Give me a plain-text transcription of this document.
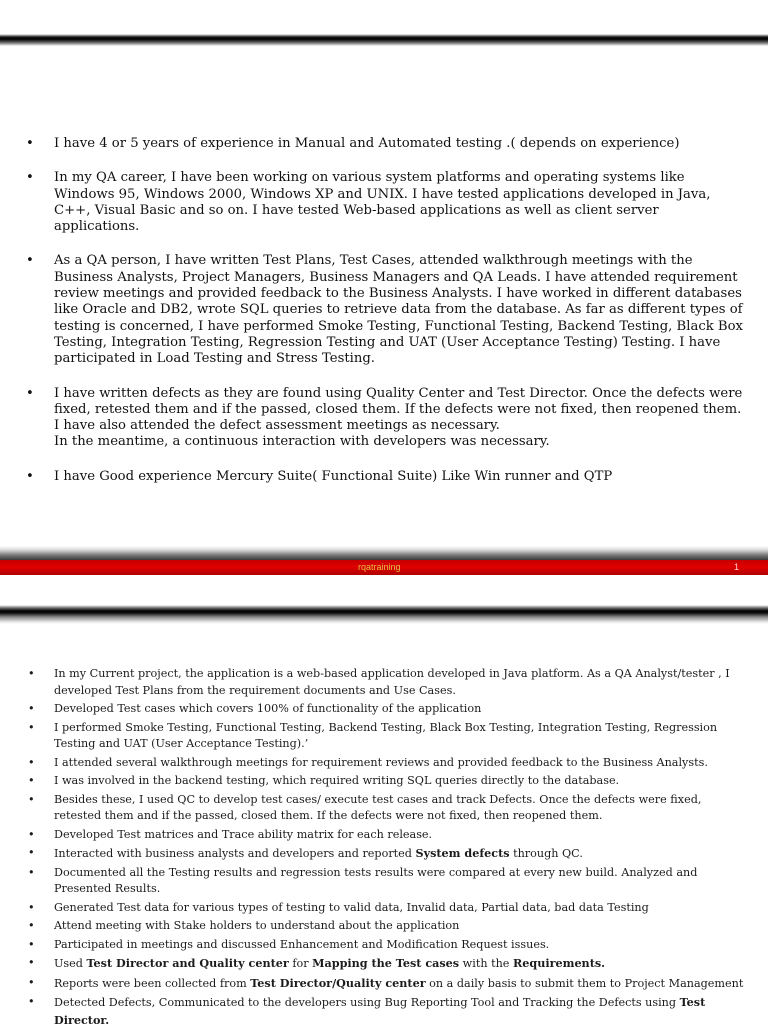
• I have 4 or 5 years of experience in Manual and Automated testing .( depends on experience)
• In my QA career, I have been working on various system platforms and operating systems like Windows 95, Windows 2000, Windows XP and UNIX. I have tested applications developed in Java, C++, Visual Basic and so on. I have tested Web-based applications as well as client server applications.
• As a QA person, I have written Test Plans, Test Cases, attended walkthrough meetings with the Business Analysts, Project Managers, Business Managers and QA Leads. I have attended requirement review meetings and provided feedback to the Business Analysts. I have worked in different databases like Oracle and DB2, wrote SQL queries to retrieve data from the database. As far as different types of testing is concerned, I have performed Smoke Testing, Functional Testing, Backend Testing, Black Box Testing, Integration Testing, Regression Testing and UAT (User Acceptance Testing) Testing. I have participated in Load Testing and Stress Testing.
• I have written defects as they are found using Quality Center and Test Director. Once the defects were fixed, retested them and if the passed, closed them. If the defects were not fixed, then reopened them. I have also attended the defect assessment meetings as necessary.
In the meantime, a continuous interaction with developers was necessary.
• I have Good experience Mercury Suite( Functional Suite) Like Win runner and QTP
rqatraining	1
• In my Current project, the application is a web-based application developed in Java platform. As a QA Analyst/tester , I developed Test Plans from the requirement documents and Use Cases.
• Developed Test cases which covers 100% of functionality of the application
• I performed Smoke Testing, Functional Testing, Backend Testing, Black Box Testing, Integration Testing, Regression Testing and UAT (User Acceptance Testing).’
• I attended several walkthrough meetings for requirement reviews and provided feedback to the Business Analysts.
• I was involved in the backend testing, which required writing SQL queries directly to the database.
• Besides these, I used QC to develop test cases/ execute test cases and track Defects. Once the defects were fixed, retested them and if the passed, closed them. If the defects were not fixed, then reopened them.
• Developed Test matrices and Trace ability matrix for each release.
• Interacted with business analysts and developers and reported System defects through QC.
• Documented all the Testing results and regression tests results were compared at every new build. Analyzed and Presented Results.
• Generated Test data for various types of testing to valid data, Invalid data, Partial data, bad data Testing
• Attend meeting with Stake holders to understand about the application
• Participated in meetings and discussed Enhancement and Modification Request issues.
• Used Test Director and Quality center for Mapping the Test cases with the Requirements.
• Reports were been collected from Test Director/Quality center on a daily basis to submit them to Project Management
• Detected Defects, Communicated to the developers using Bug Reporting Tool and Tracking the Defects using Test Director.
